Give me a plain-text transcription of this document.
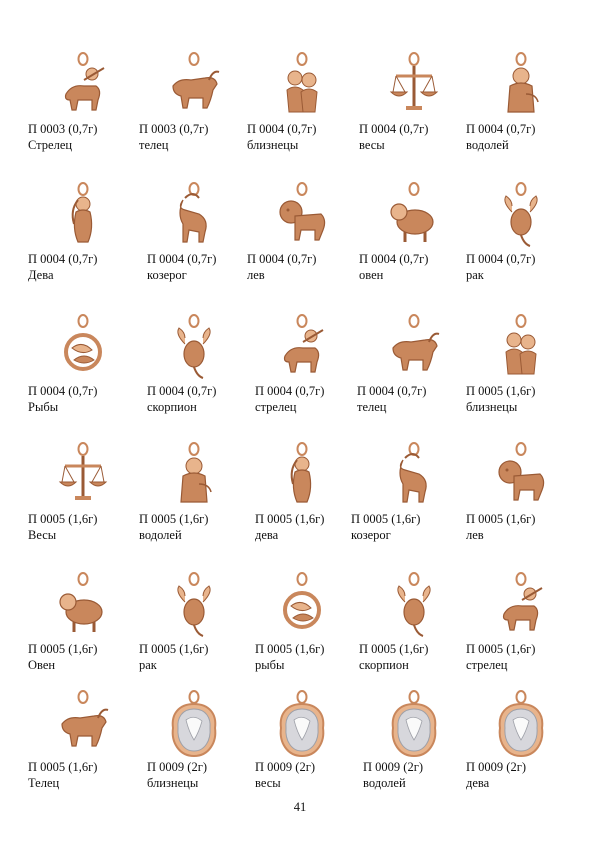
П 0003 (0,7г)
Стрелец
П 0003 (0,7г)
телец
П 0004 (0,7г)
близнецы
П 0004 (0,7г)
весы
П 0004 (0,7г)
водолей
П 0004 (0,7г)
Дева
П 0004 (0,7г)
козерог
П 0004 (0,7г)
лев
П 0004 (0,7г)
овен
П 0004 (0,7г)
рак
П 0004 (0,7г)
Рыбы
П 0004 (0,7г)
скорпион
П 0004 (0,7г)
стрелец
П 0004 (0,7г)
телец
П 0005 (1,6г)
близнецы
П 0005 (1,6г)
Весы
П 0005 (1,6г)
водолей
П 0005 (1,6г)
дева
П 0005 (1,6г)
козерог
П 0005 (1,6г)
лев
П 0005 (1,6г)
Овен
П 0005 (1,6г)
рак
П 0005 (1,6г)
рыбы
П 0005 (1,6г)
скорпион
П 0005 (1,6г)
стрелец
П 0005 (1,6г)
Телец
П 0009 (2г)
близнецы
П 0009 (2г)
весы
П 0009 (2г)
водолей
П 0009 (2г)
дева
41
